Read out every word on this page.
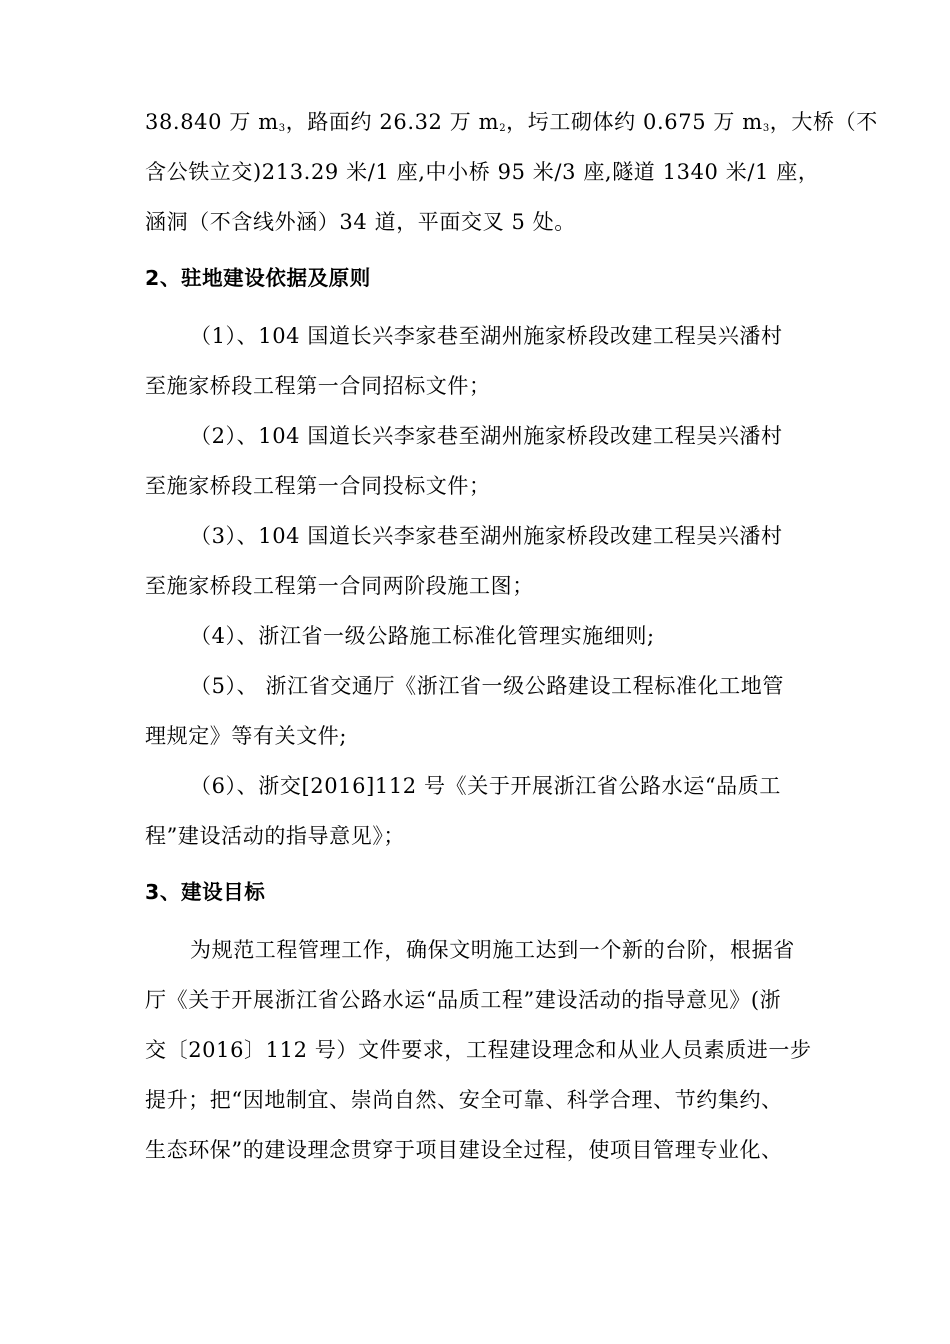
38.840 万 $m_3$，路面约 26.32 万 $m_2$，圬工砌体约 0.675 万 $m_3$，大桥（不
含公铁立交)213.29 米/1 座,中小桥 95 米/3 座,隧道 1340 米/1 座，
涵洞（不含线外涵）34 道，平面交叉 5 处。
2、驻地建设依据及原则
（1）、104 国道长兴李家巷至湖州施家桥段改建工程吴兴潘村
至施家桥段工程第一合同招标文件；
（2）、104 国道长兴李家巷至湖州施家桥段改建工程吴兴潘村
至施家桥段工程第一合同投标文件；
（3）、104 国道长兴李家巷至湖州施家桥段改建工程吴兴潘村
至施家桥段工程第一合同两阶段施工图；
（4）、浙江省一级公路施工标准化管理实施细则;
（5）、 浙江省交通厅《浙江省一级公路建设工程标准化工地管
理规定》等有关文件;
（6）、浙交[2016]112 号《关于开展浙江省公路水运“品质工
程”建设活动的指导意见》；
3、建设目标
为规范工程管理工作，确保文明施工达到一个新的台阶，根据省
厅《关于开展浙江省公路水运“品质工程”建设活动的指导意见》(浙
交〔2016〕112 号）文件要求，工程建设理念和从业人员素质进一步
提升；把“因地制宜、崇尚自然、安全可靠、科学合理、节约集约、
生态环保”的建设理念贯穿于项目建设全过程，使项目管理专业化、
